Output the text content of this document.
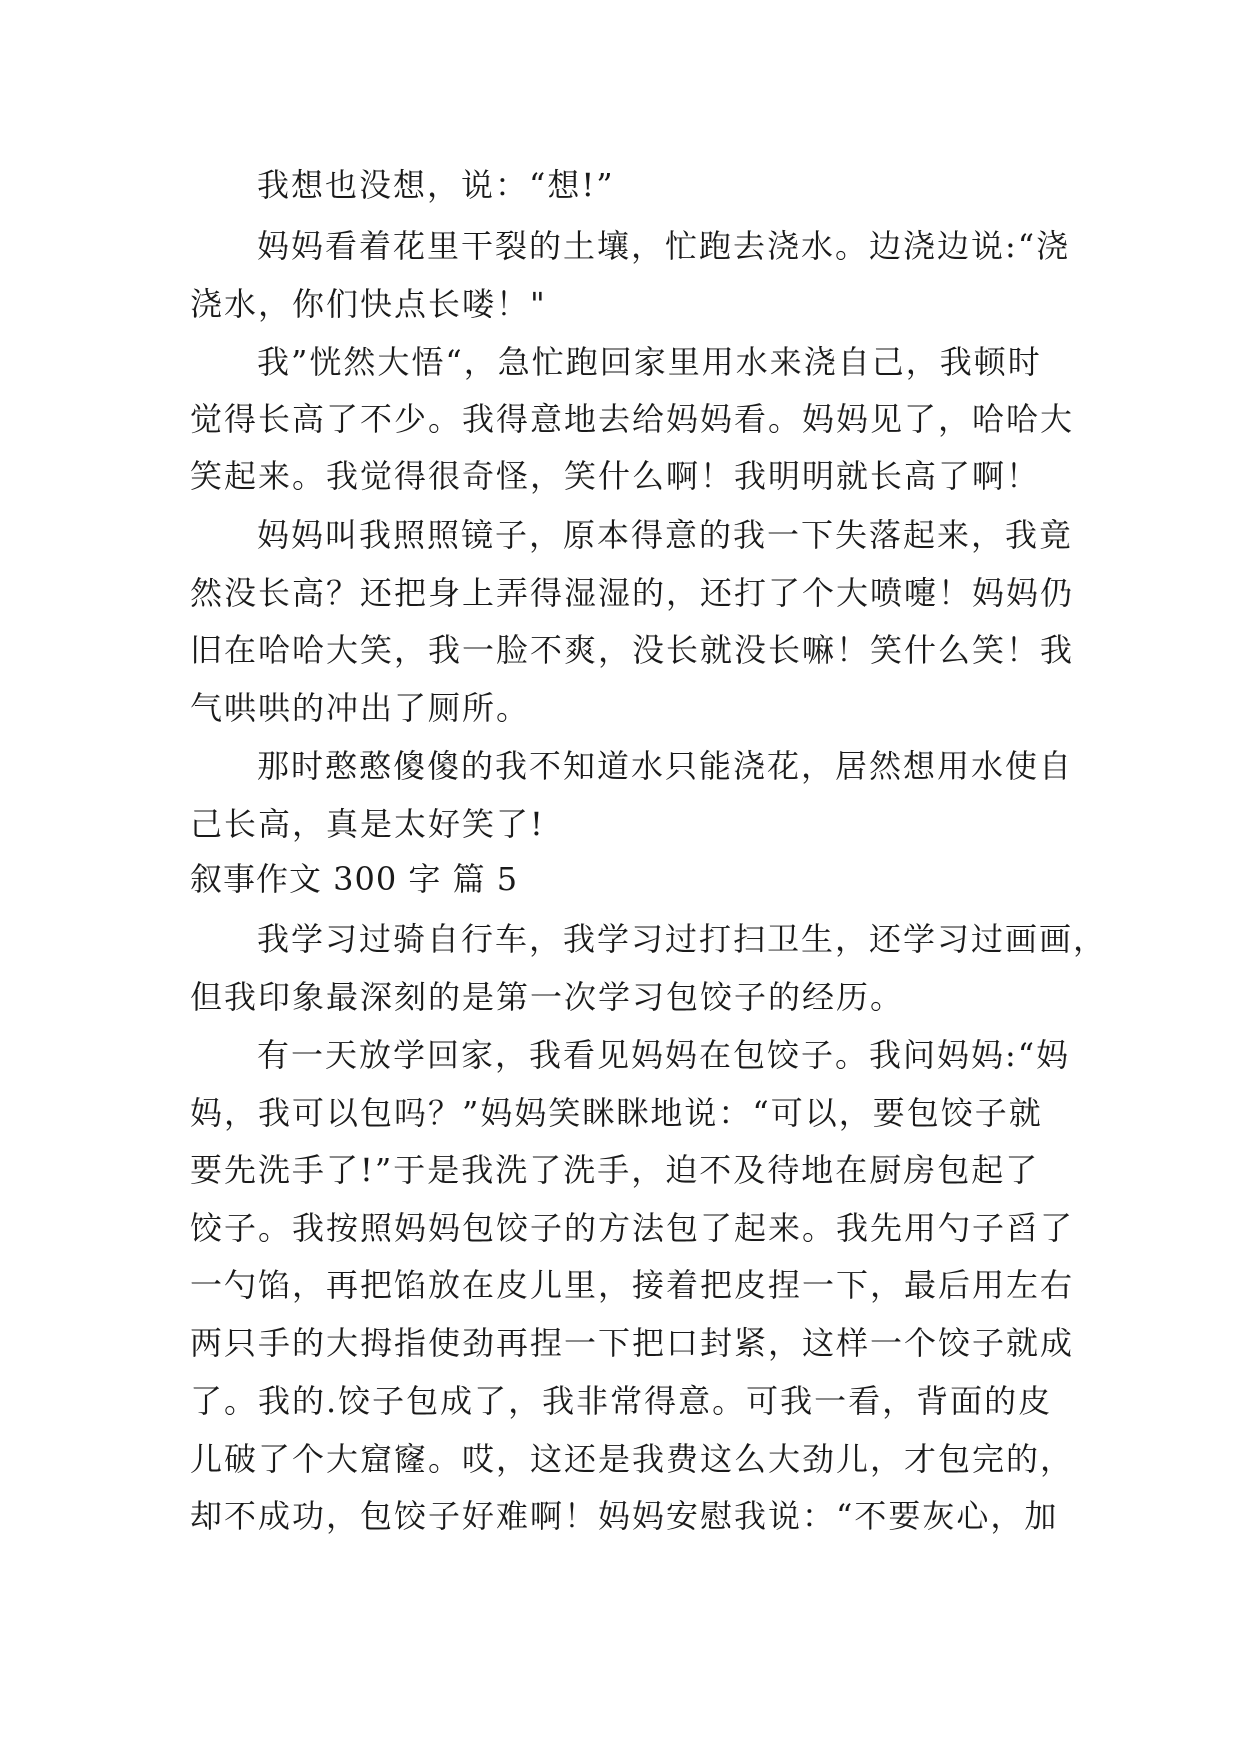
我想也没想，说：“想!”
妈妈看着花里干裂的土壤，忙跑去浇水。边浇边说:“浇
浇水，你们快点长喽！"
我”恍然大悟“，急忙跑回家里用水来浇自己，我顿时
觉得长高了不少。我得意地去给妈妈看。妈妈见了，哈哈大
笑起来。我觉得很奇怪，笑什么啊！我明明就长高了啊！
妈妈叫我照照镜子，原本得意的我一下失落起来，我竟
然没长高？还把身上弄得湿湿的，还打了个大喷嚏！妈妈仍
旧在哈哈大笑，我一脸不爽，没长就没长嘛！笑什么笑！我
气哄哄的冲出了厕所。
那时憨憨傻傻的我不知道水只能浇花，居然想用水使自
己长高，真是太好笑了!
叙事作文 300 字 篇 5
我学习过骑自行车，我学习过打扫卫生，还学习过画画，
但我印象最深刻的是第一次学习包饺子的经历。
有一天放学回家，我看见妈妈在包饺子。我问妈妈:“妈
妈，我可以包吗？”妈妈笑眯眯地说：“可以，要包饺子就
要先洗手了!”于是我洗了洗手，迫不及待地在厨房包起了
饺子。我按照妈妈包饺子的方法包了起来。我先用勺子舀了
一勺馅，再把馅放在皮儿里，接着把皮捏一下，最后用左右
两只手的大拇指使劲再捏一下把口封紧，这样一个饺子就成
了。我的.饺子包成了，我非常得意。可我一看，背面的皮
儿破了个大窟窿。哎，这还是我费这么大劲儿，才包完的，
却不成功，包饺子好难啊！妈妈安慰我说：“不要灰心，加
